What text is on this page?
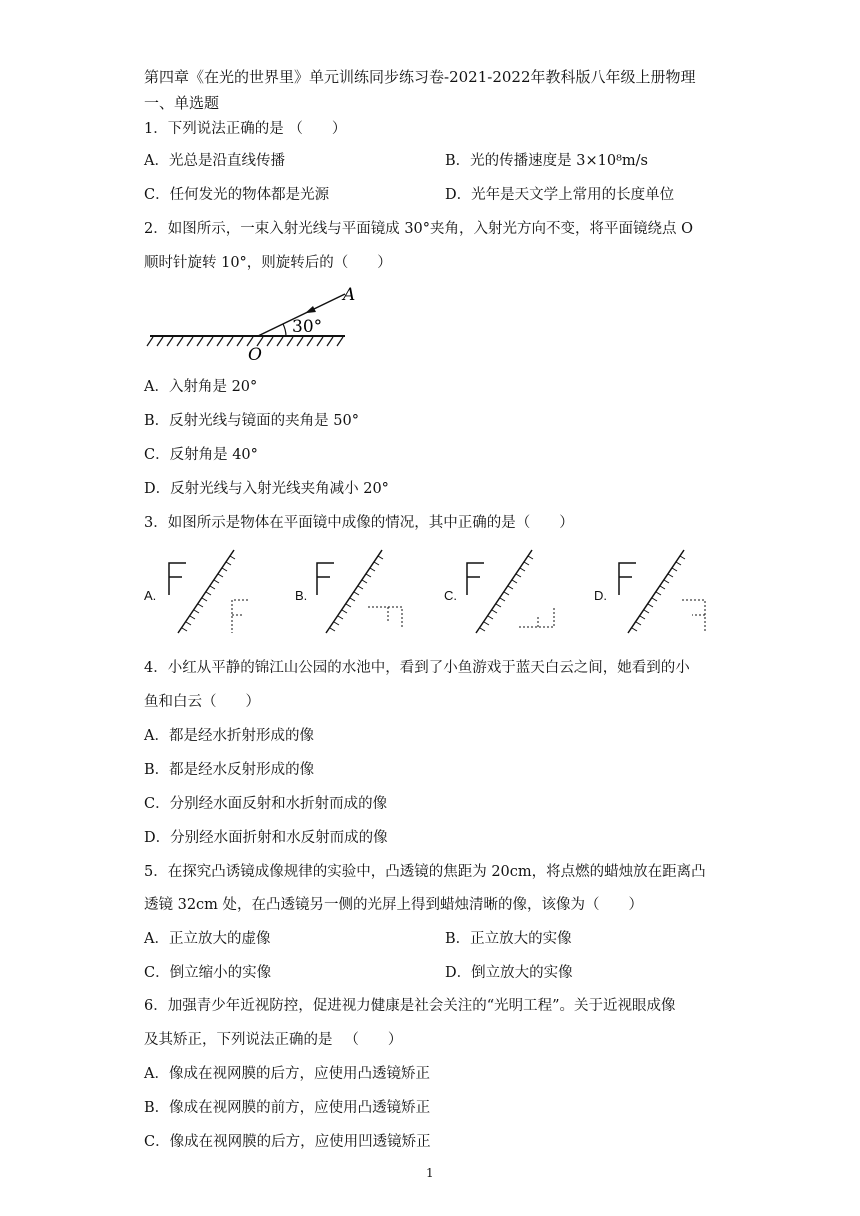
第四章《在光的世界里》单元训练同步练习卷-2021-2022年教科版八年级上册物理
一、单选题
1．下列说法正确的是 （　　）
A．光总是沿直线传播	B．光的传播速度是 3×10⁸m/s
C．任何发光的物体都是光源	D．光年是天文学上常用的长度单位
2．如图所示，一束入射光线与平面镜成 30°夹角，入射光方向不变，将平面镜绕点 O
顺时针旋转 10°，则旋转后的（　　）
30°
A
O
A．入射角是 20°
B．反射光线与镜面的夹角是 50°
C．反射角是 40°
D．反射光线与入射光线夹角减小 20°
3．如图所示是物体在平面镜中成像的情况，其中正确的是（　　）
A.	B.	C.	D.
4．小红从平静的锦江山公园的水池中，看到了小鱼游戏于蓝天白云之间，她看到的小
鱼和白云（　　）
A．都是经水折射形成的像
B．都是经水反射形成的像
C．分别经水面反射和水折射而成的像
D．分别经水面折射和水反射而成的像
5．在探究凸诱镜成像规律的实验中，凸透镜的焦距为 20cm，将点燃的蜡烛放在距离凸
透镜 32cm 处，在凸透镜另一侧的光屏上得到蜡烛清晰的像，该像为（　　）
A．正立放大的虚像	B．正立放大的实像
C．倒立缩小的实像	D．倒立放大的实像
6．加强青少年近视防控，促进视力健康是社会关注的“光明工程”。关于近视眼成像
及其矫正，下列说法正确的是 　（　　）
A．像成在视网膜的后方，应使用凸透镜矫正
B．像成在视网膜的前方，应使用凸透镜矫正
C．像成在视网膜的后方，应使用凹透镜矫正
1
